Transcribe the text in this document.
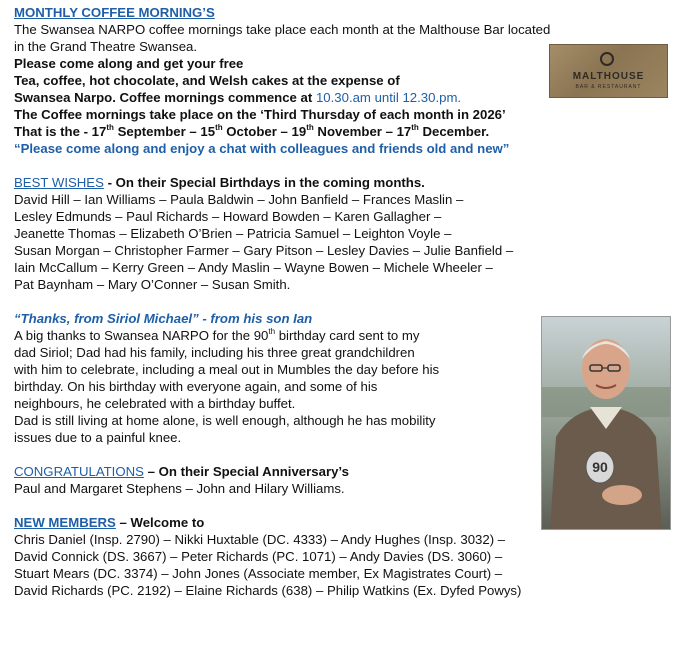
MONTHLY COFFEE MORNING’S
The Swansea NARPO coffee mornings take place each month at the Malthouse Bar located
in the Grand Theatre Swansea.
Please come along and get your free
Tea, coffee, hot chocolate, and Welsh cakes at the expense of
Swansea Narpo. Coffee mornings commence at 10.30.am until 12.30.pm.
The Coffee mornings take place on the ‘Third Thursday of each month in 2026’
That is the - 17th September – 15th October – 19th November – 17th December.
“Please come along and enjoy a chat with colleagues and friends old and new”
BEST WISHES - On their Special Birthdays in the coming months.
David Hill – Ian Williams – Paula Baldwin – John Banfield – Frances Maslin –
Lesley Edmunds – Paul Richards – Howard Bowden – Karen Gallagher –
Jeanette Thomas – Elizabeth O’Brien – Patricia Samuel – Leighton Voyle –
Susan Morgan – Christopher Farmer – Gary Pitson – Lesley Davies – Julie Banfield –
Iain McCallum – Kerry Green – Andy Maslin – Wayne Bowen – Michele Wheeler –
Pat Baynham – Mary O’Conner – Susan Smith.
“Thanks, from Siriol Michael” - from his son Ian
A big thanks to Swansea NARPO for the 90th birthday card sent to my
dad Siriol; Dad had his family, including his three great grandchildren
with him to celebrate, including a meal out in Mumbles the day before his
birthday. On his birthday with everyone again, and some of his
neighbours, he celebrated with a birthday buffet.
Dad is still living at home alone, is well enough, although he has mobility
issues due to a painful knee.
CONGRATULATIONS – On their Special Anniversary’s
Paul and Margaret Stephens – John and Hilary Williams.
NEW MEMBERS – Welcome to
Chris Daniel (Insp. 2790) – Nikki Huxtable (DC. 4333) – Andy Hughes (Insp. 3032) –
David Connick (DS. 3667) – Peter Richards (PC. 1071) – Andy Davies (DS. 3060) –
Stuart Mears (DC. 3374) – John Jones (Associate member, Ex Magistrates Court) –
David Richards (PC. 2192) – Elaine Richards (638) – Philip Watkins (Ex. Dyfed Powys)
MALTHOUSE
BAR & RESTAURANT
90
